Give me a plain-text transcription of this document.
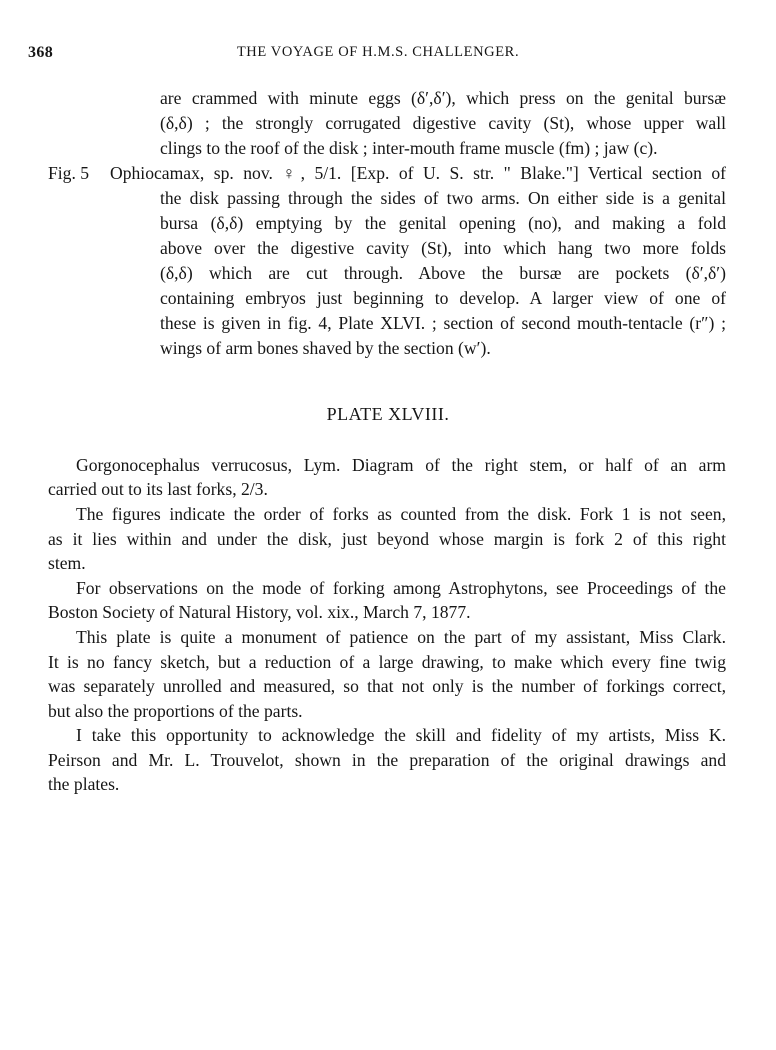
368	THE VOYAGE OF H.M.S. CHALLENGER.
are crammed with minute eggs (δ′,δ′), which press on the genital bursæ
(δ,δ) ; the strongly corrugated digestive cavity (St), whose upper wall
clings to the roof of the disk ; inter-mouth frame muscle (fm) ; jaw (c).
Fig. 5 Ophiocamax, sp. nov. ♀, 5/1. [Exp. of U. S. str. " Blake."] Vertical section of
the disk passing through the sides of two arms. On either side is a genital
bursa (δ,δ) emptying by the genital opening (no), and making a fold
above over the digestive cavity (St), into which hang two more folds
(δ,δ) which are cut through. Above the bursæ are pockets (δ′,δ′)
containing embryos just beginning to develop. A larger view of one of
these is given in fig. 4, Plate XLVI. ; section of second mouth-tentacle (r″) ;
wings of arm bones shaved by the section (w′).
PLATE XLVIII.
Gorgonocephalus verrucosus, Lym. Diagram of the right stem, or half of an arm
carried out to its last forks, 2/3.
The figures indicate the order of forks as counted from the disk. Fork 1 is not seen,
as it lies within and under the disk, just beyond whose margin is fork 2 of this right
stem.
For observations on the mode of forking among Astrophytons, see Proceedings of the
Boston Society of Natural History, vol. xix., March 7, 1877.
This plate is quite a monument of patience on the part of my assistant, Miss Clark.
It is no fancy sketch, but a reduction of a large drawing, to make which every fine twig
was separately unrolled and measured, so that not only is the number of forkings correct,
but also the proportions of the parts.
I take this opportunity to acknowledge the skill and fidelity of my artists, Miss K.
Peirson and Mr. L. Trouvelot, shown in the preparation of the original drawings and
the plates.
